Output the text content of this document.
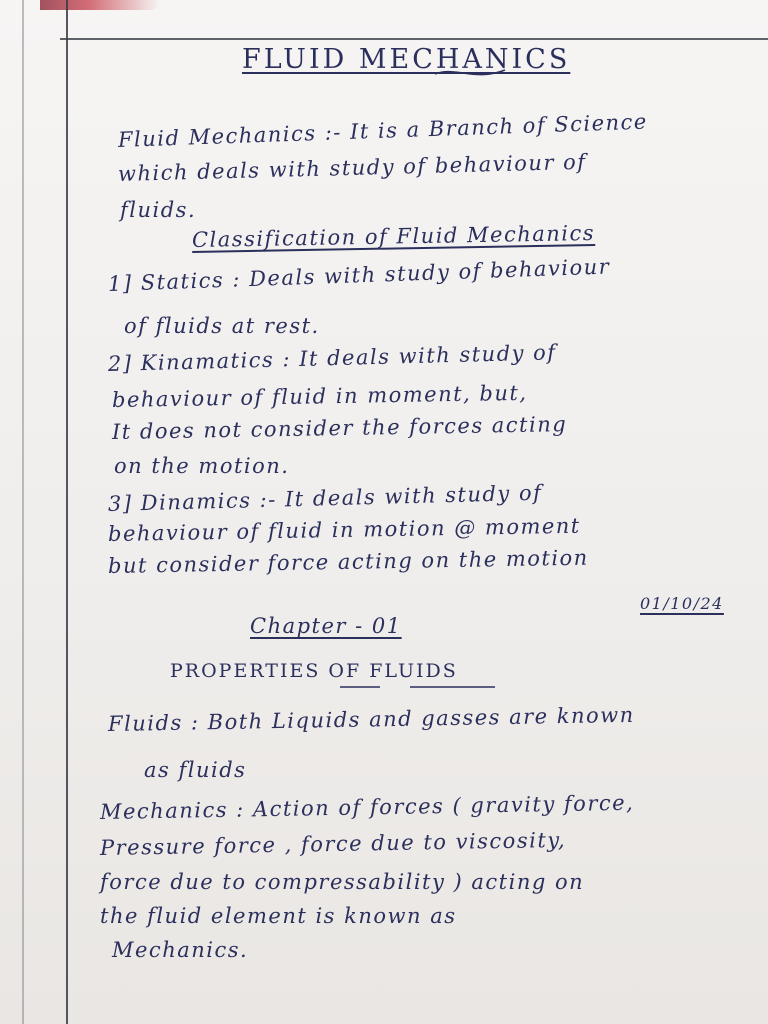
FLUID MECHANICS
Fluid Mechanics :- It is a Branch of Science
which deals with study of behaviour of
fluids.
Classification of Fluid Mechanics
1] Statics : Deals with study of behaviour
of fluids at rest.
2] Kinamatics : It deals with study of
behaviour of fluid in moment, but,
It does not consider the forces acting
on the motion.
3] Dinamics :- It deals with study of
behaviour of fluid in motion @ moment
but consider force acting on the motion
01/10/24
Chapter - 01
PROPERTIES OF FLUIDS
Fluids : Both Liquids and gasses are known
as fluids
Mechanics : Action of forces ( gravity force,
Pressure force , force due to viscosity,
force due to compressability ) acting on
the fluid element is known as
Mechanics.
